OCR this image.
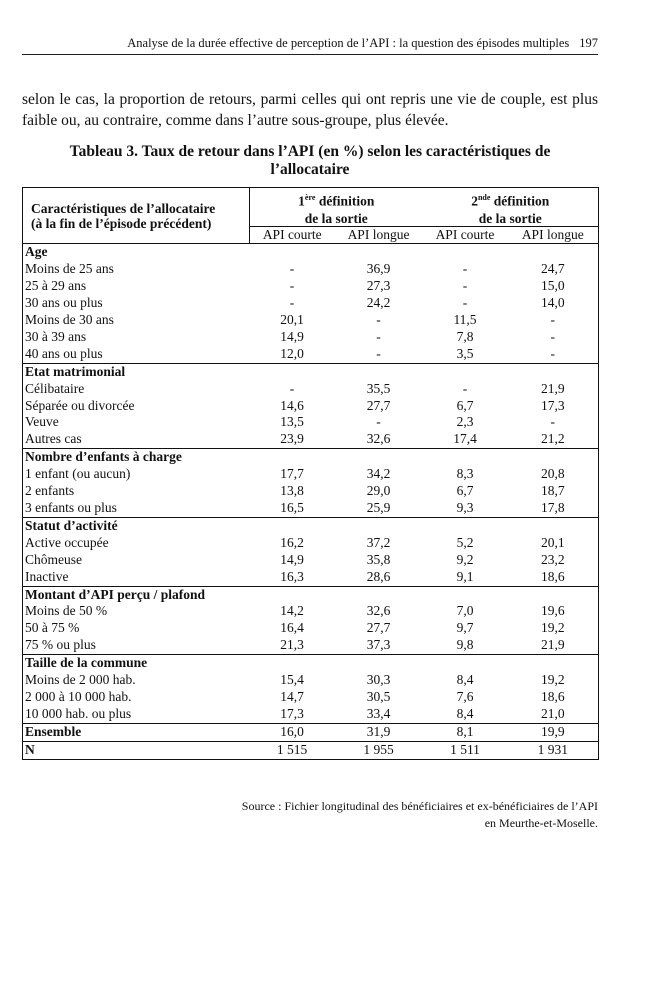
Analyse de la durée effective de perception de l’API : la question des épisodes multiples 197

selon le cas, la proportion de retours, parmi celles qui ont repris une vie de couple, est plus faible ou, au contraire, comme dans l’autre sous-groupe, plus élevée.

Tableau 3. Taux de retour dans l’API (en %) selon les caractéristiques de
l’allocataire
Caractéristiques de l’allocataire
(à la fin de l’épisode précédent)	1ère définition		2nde définition	
	de la sortie		de la sortie	
	API courte	API longue	API courte	API longue
Age				
Moins de 25 ans	-	36,9	-	24,7
25 à 29 ans	-	27,3	-	15,0
30 ans ou plus	-	24,2	-	14,0
Moins de 30 ans	20,1	-	11,5	-
30 à 39 ans	14,9	-	7,8	-
40 ans ou plus	12,0	-	3,5	-
Etat matrimonial				
Célibataire	-	35,5	-	21,9
Séparée ou divorcée	14,6	27,7	6,7	17,3
Veuve	13,5	-	2,3	-
Autres cas	23,9	32,6	17,4	21,2
Nombre d’enfants à charge				
1 enfant (ou aucun)	17,7	34,2	8,3	20,8
2 enfants	13,8	29,0	6,7	18,7
3 enfants ou plus	16,5	25,9	9,3	17,8
Statut d’activité				
Active occupée	16,2	37,2	5,2	20,1
Chômeuse	14,9	35,8	9,2	23,2
Inactive	16,3	28,6	9,1	18,6
Montant d’API perçu / plafond				
Moins de 50 %	14,2	32,6	7,0	19,6
50 à 75 %	16,4	27,7	9,7	19,2
75 % ou plus	21,3	37,3	9,8	21,9
Taille de la commune				
Moins de 2 000 hab.	15,4	30,3	8,4	19,2
2 000 à 10 000 hab.	14,7	30,5	7,6	18,6
10 000 hab. ou plus	17,3	33,4	8,4	21,0
Ensemble	16,0	31,9	8,1	19,9
N	1 515	1 955	1 511	1 931
Source : Fichier longitudinal des bénéficiaires et ex-bénéficiaires de l’API
en Meurthe-et-Moselle.
